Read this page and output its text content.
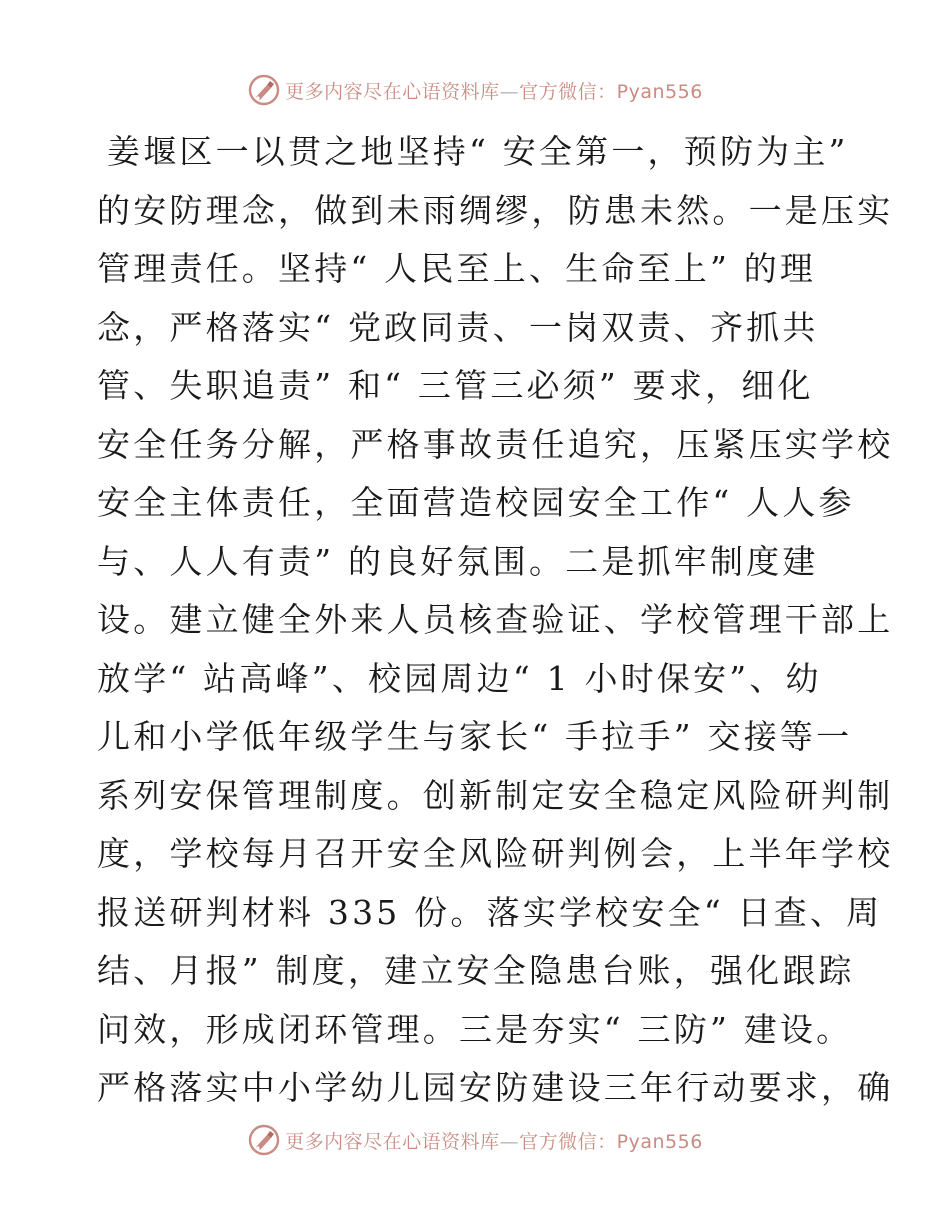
更多内容尽在心语资料库—官方微信：Pyan556
姜堰区一以贯之地坚持“ 安全第一，预防为主”
的安防理念，做到未雨绸缪，防患未然。一是压实
管理责任。坚持“ 人民至上、生命至上” 的理
念，严格落实“ 党政同责、一岗双责、齐抓共
管、失职追责” 和“ 三管三必须” 要求，细化
安全任务分解，严格事故责任追究，压紧压实学校
安全主体责任，全面营造校园安全工作“ 人人参
与、人人有责” 的良好氛围。二是抓牢制度建
设。建立健全外来人员核查验证、学校管理干部上
放学“ 站高峰”、校园周边“ 1 小时保安”、幼
儿和小学低年级学生与家长“ 手拉手” 交接等一
系列安保管理制度。创新制定安全稳定风险研判制
度，学校每月召开安全风险研判例会，上半年学校
报送研判材料 335 份。落实学校安全“ 日查、周
结、月报” 制度，建立安全隐患台账，强化跟踪
问效，形成闭环管理。三是夯实“ 三防” 建设。
严格落实中小学幼儿园安防建设三年行动要求，确
更多内容尽在心语资料库—官方微信：Pyan556
